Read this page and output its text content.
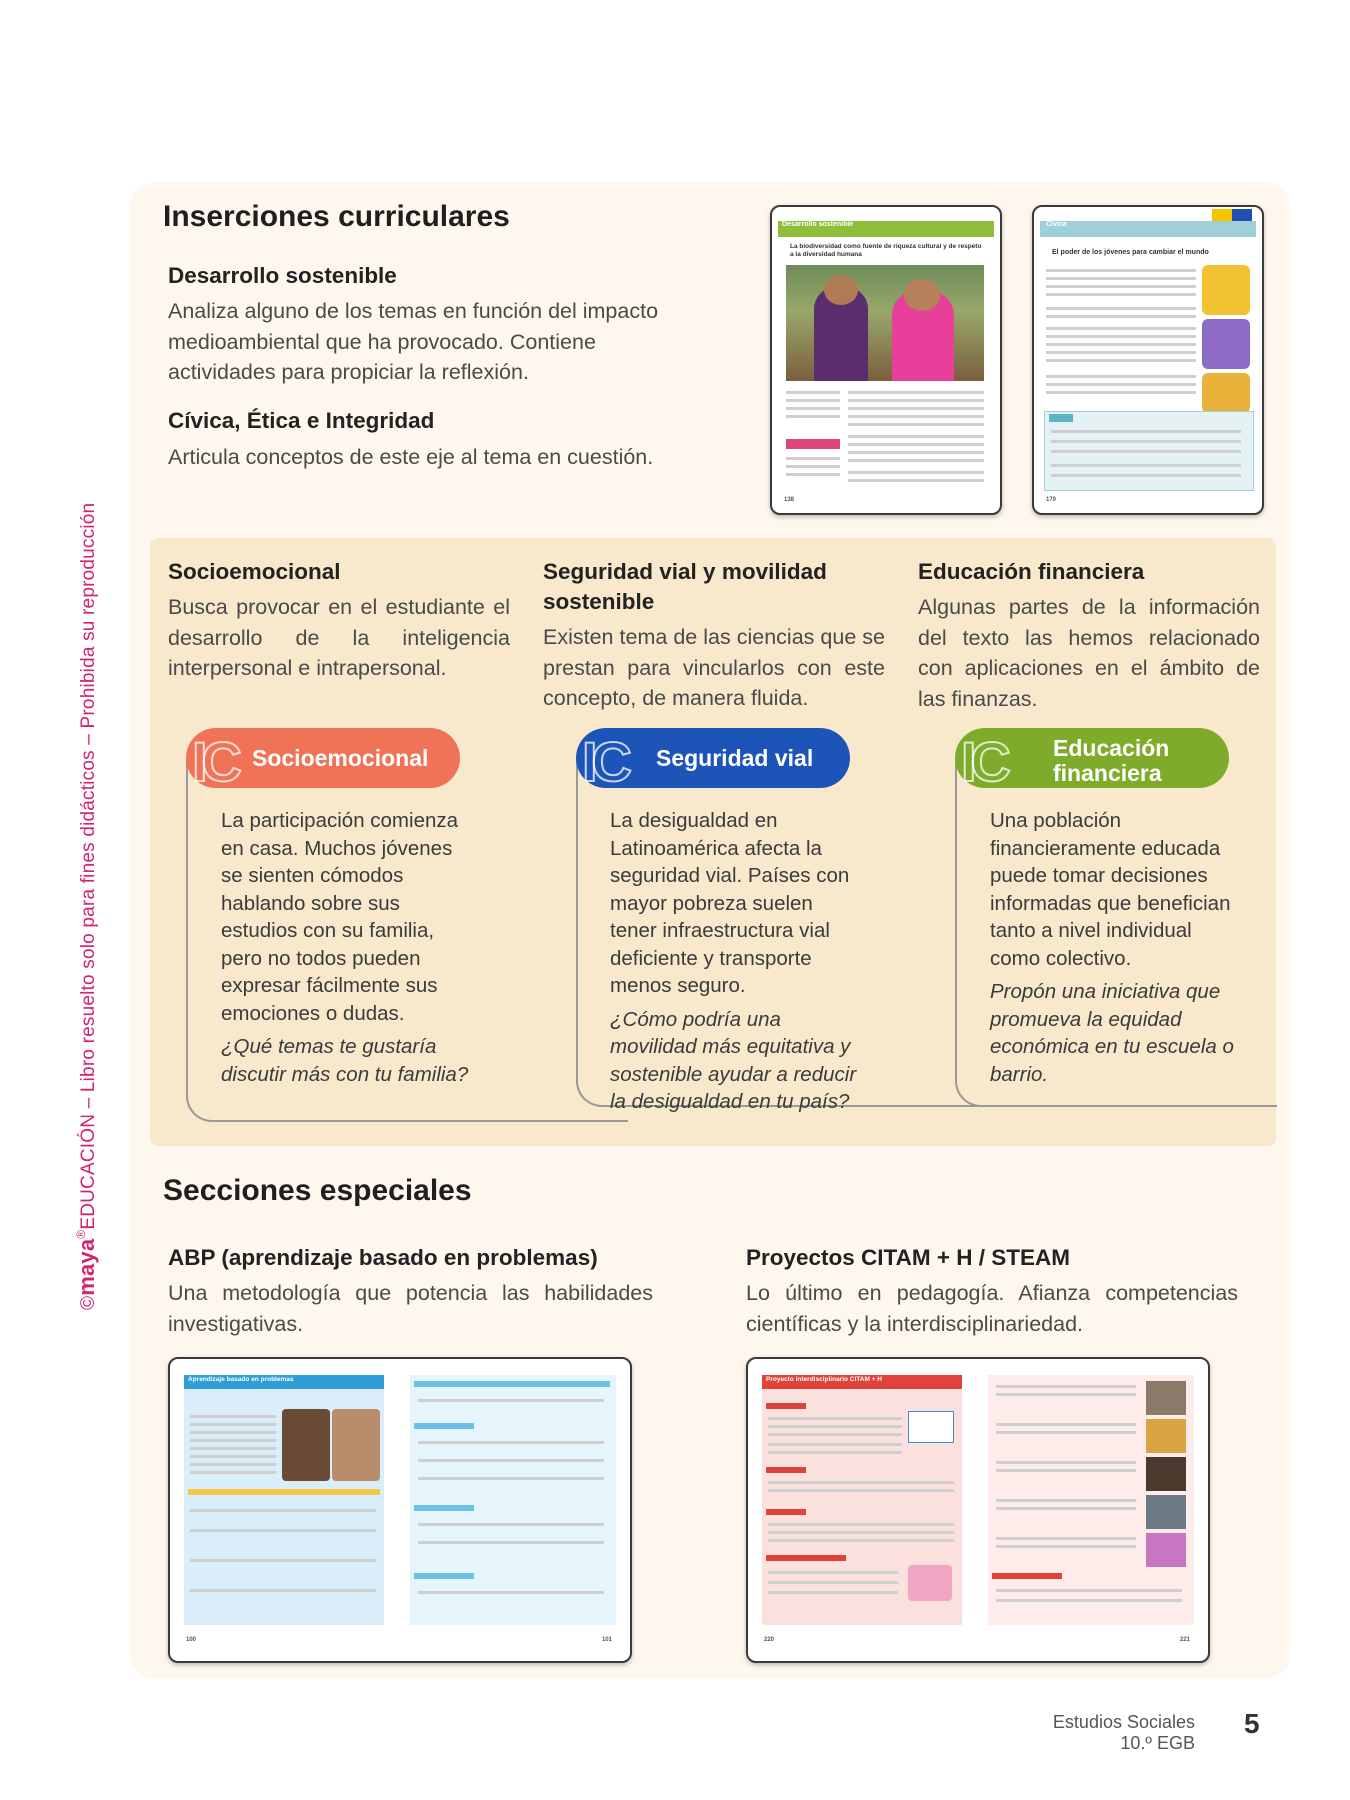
©maya®EDUCACIÓN – Libro resuelto solo para fines didácticos – Prohibida su reproducción
Inserciones curriculares
Desarrollo sostenible
Analiza alguno de los temas en función del impacto medioambiental que ha provocado. Contiene actividades para propiciar la reflexión.
Cívica, Ética e Integridad
Articula conceptos de este eje al tema en cuestión.
Desarrollo sostenible
La biodiversidad como fuente de riqueza cultural y de respeto a la diversidad humana
138
Cívica
El poder de los jóvenes para cambiar el mundo
170
Socioemocional
Busca provocar en el estudiante el desarrollo de la inteligencia interpersonal e intrapersonal.
Seguridad vial y movilidad sostenible
Existen tema de las ciencias que se prestan para vincularlos con este concepto, de manera fluida.
Educación financiera
Algunas partes de la información del texto las hemos relacionado con aplicaciones en el ámbito de las finanzas.
IC Socioemocional
La participación comienza en casa. Muchos jóvenes se sienten cómodos hablando sobre sus estudios con su familia, pero no todos pueden expresar fácilmente sus emociones o dudas.
¿Qué temas te gustaría discutir más con tu familia?
IC Seguridad vial
La desigualdad en Latinoamérica afecta la seguridad vial. Países con mayor pobreza suelen tener infraestructura vial deficiente y transporte menos seguro.
¿Cómo podría una movilidad más equitativa y sostenible ayudar a reducir la desigualdad en tu país?
IC Educación
financiera
Una población financieramente educada puede tomar decisiones informadas que benefician tanto a nivel individual como colectivo.
Propón una iniciativa que promueva la equidad económica en tu escuela o barrio.
Secciones especiales
ABP (aprendizaje basado en problemas)
Una metodología que potencia las habilidades investigativas.
Proyectos CITAM + H / STEAM
Lo último en pedagogía. Afianza competencias científicas y la interdisciplinariedad.
Aprendizaje basado en problemas
100	101
Proyecto interdisciplinario CITAM + H
220	221
Estudios Sociales
10.º EGB
5
